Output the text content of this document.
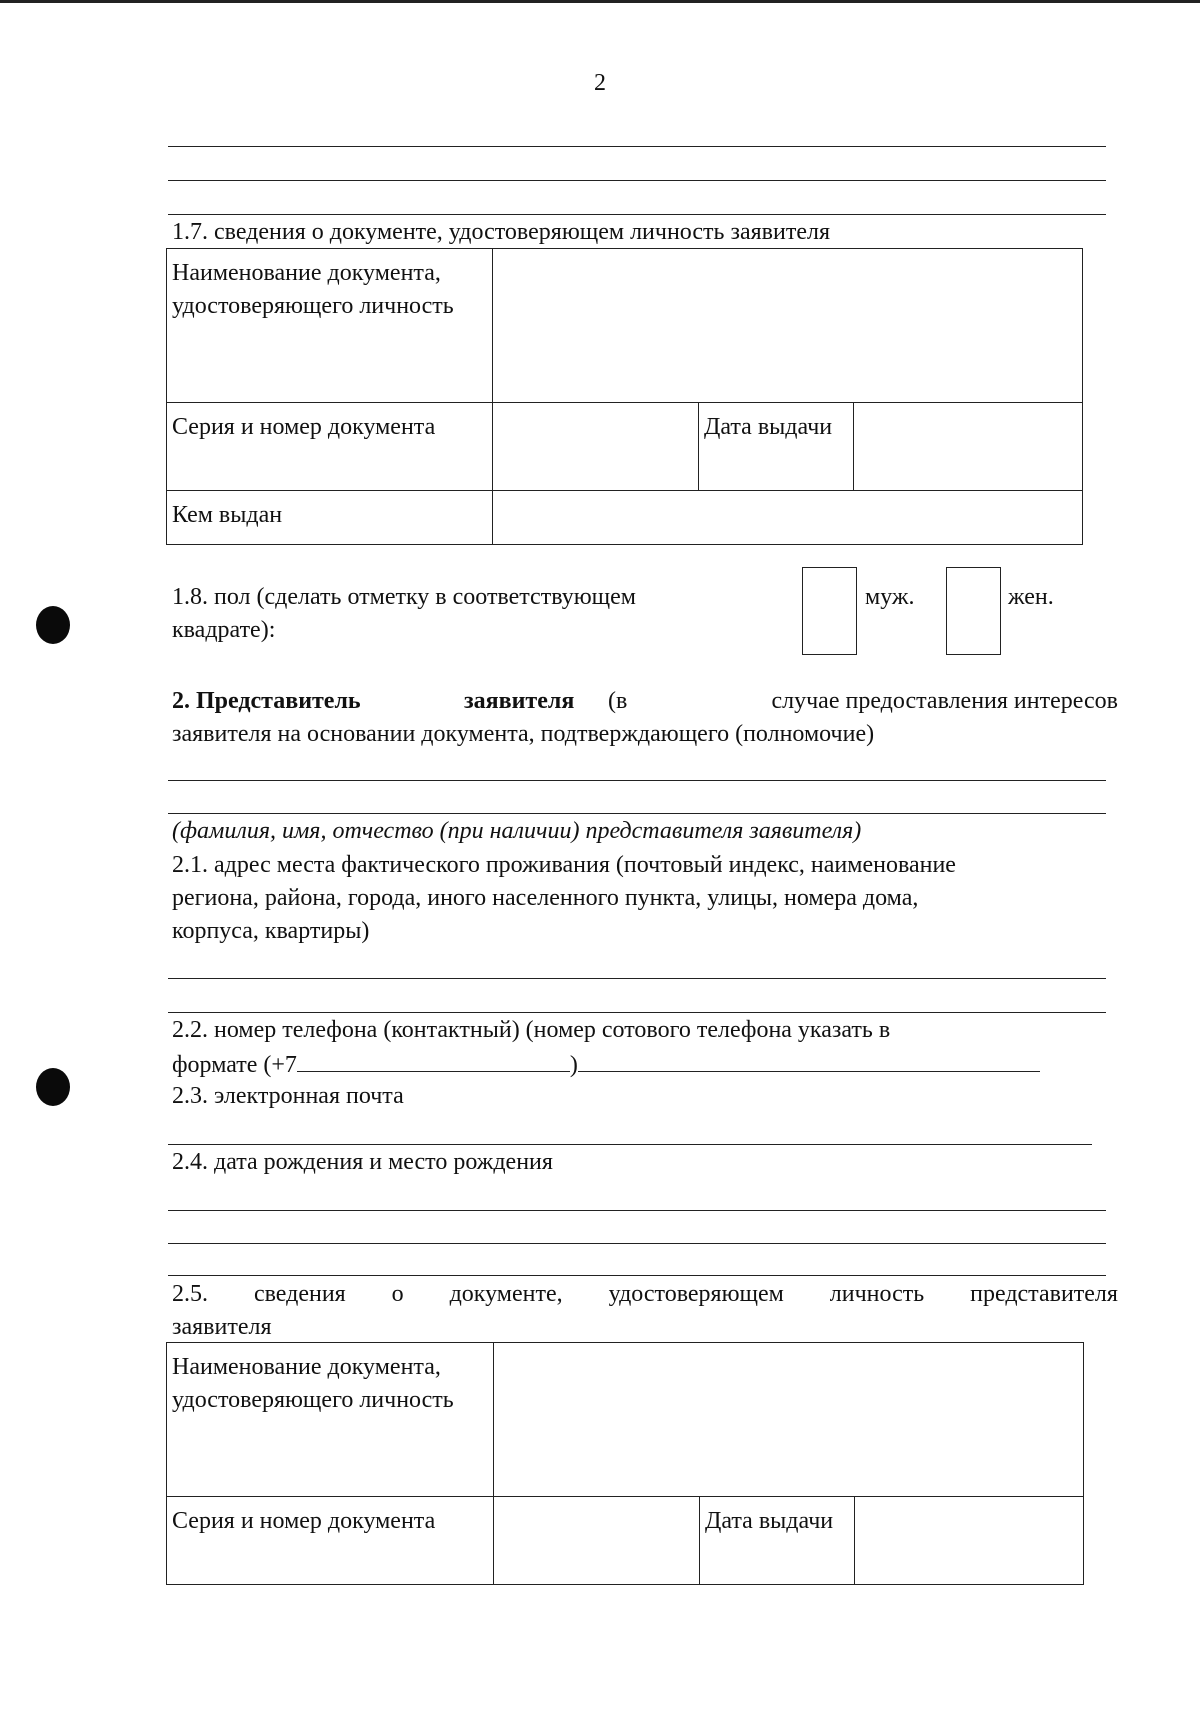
2
1.7. сведения о документе, удостоверяющем личность заявителя
Наименование документа, удостоверяющего личность			
Серия и номер документа		Дата выдачи	
Кем выдан			
1.8. пол (сделать отметку в соответствующем
квадрате):
муж.	жен.
2. Представитель	заявителя (в	случае предоставления интересов
заявителя на основании документа, подтверждающего (полномочие)
(фамилия, имя, отчество (при наличии) представителя заявителя)
2.1. адрес места фактического проживания (почтовый индекс, наименование
региона, района, города, иного населенного пункта, улицы, номера дома,
корпуса, квартиры)
2.2. номер телефона (контактный) (номер сотового телефона указать в
формате (+7	)
2.3. электронная почта
2.4. дата рождения и место рождения
2.5. сведения о документе, удостоверяющем личность представителя
заявителя
Наименование документа, удостоверяющего личность			
Серия и номер документа		Дата выдачи	
